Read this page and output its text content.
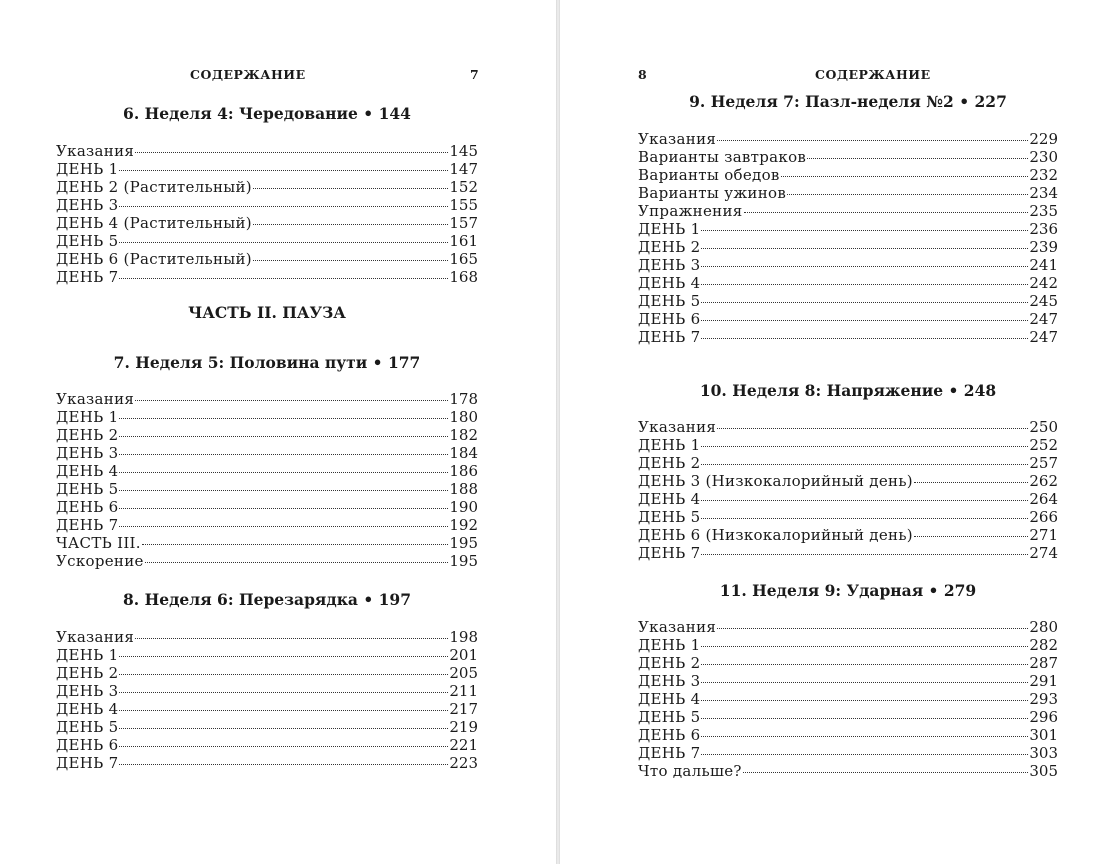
СОДЕРЖАНИЕ	7	8	СОДЕРЖАНИЕ
6. Неделя 4: Чередование • 144
Указания	145
ДЕНЬ 1	147
ДЕНЬ 2 (Растительный)	152
ДЕНЬ 3	155
ДЕНЬ 4 (Растительный)	157
ДЕНЬ 5	161
ДЕНЬ 6 (Растительный)	165
ДЕНЬ 7	168
ЧАСТЬ II. ПАУЗА
7. Неделя 5: Половина пути • 177
Указания	178
ДЕНЬ 1	180
ДЕНЬ 2	182
ДЕНЬ 3	184
ДЕНЬ 4	186
ДЕНЬ 5	188
ДЕНЬ 6	190
ДЕНЬ 7	192
ЧАСТЬ III.	195
Ускорение	195
8. Неделя 6: Перезарядка • 197
Указания	198
ДЕНЬ 1	201
ДЕНЬ 2	205
ДЕНЬ 3	211
ДЕНЬ 4	217
ДЕНЬ 5	219
ДЕНЬ 6	221
ДЕНЬ 7	223
9. Неделя 7: Пазл-неделя №2 • 227
Указания	229
Варианты завтраков	230
Варианты обедов	232
Варианты ужинов	234
Упражнения	235
ДЕНЬ 1	236
ДЕНЬ 2	239
ДЕНЬ 3	241
ДЕНЬ 4	242
ДЕНЬ 5	245
ДЕНЬ 6	247
ДЕНЬ 7	247
10. Неделя 8: Напряжение • 248
Указания	250
ДЕНЬ 1	252
ДЕНЬ 2	257
ДЕНЬ 3 (Низкокалорийный день)	262
ДЕНЬ 4	264
ДЕНЬ 5	266
ДЕНЬ 6 (Низкокалорийный день)	271
ДЕНЬ 7	274
11. Неделя 9: Ударная • 279
Указания	280
ДЕНЬ 1	282
ДЕНЬ 2	287
ДЕНЬ 3	291
ДЕНЬ 4	293
ДЕНЬ 5	296
ДЕНЬ 6	301
ДЕНЬ 7	303
Что дальше?	305
